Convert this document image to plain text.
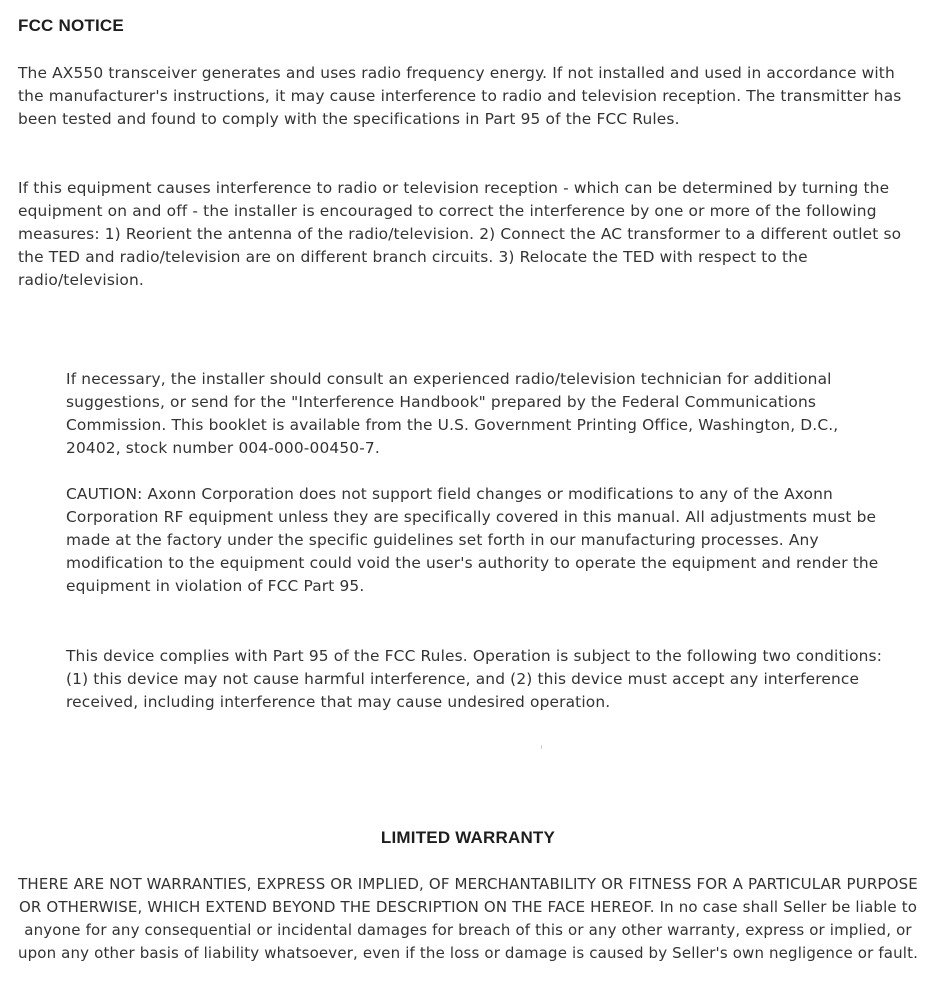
FCC NOTICE

The AX550 transceiver generates and uses radio frequency energy. If not installed and used in accordance with the manufacturer's instructions, it may cause interference to radio and television reception. The transmitter has been tested and found to comply with the specifications in Part 95 of the FCC Rules.

If this equipment causes interference to radio or television reception - which can be determined by turning the equipment on and off - the installer is encouraged to correct the interference by one or more of the following measures: 1) Reorient the antenna of the radio/television. 2) Connect the AC transformer to a different outlet so the TED and radio/television are on different branch circuits. 3) Relocate the TED with respect to the radio/television.

If necessary, the installer should consult an experienced radio/television technician for additional suggestions, or send for the "Interference Handbook" prepared by the Federal Communications Commission. This booklet is available from the U.S. Government Printing Office, Washington, D.C., 20402, stock number 004-000-00450-7.

CAUTION: Axonn Corporation does not support field changes or modifications to any of the Axonn Corporation RF equipment unless they are specifically covered in this manual. All adjustments must be made at the factory under the specific guidelines set forth in our manufacturing processes. Any modification to the equipment could void the user's authority to operate the equipment and render the equipment in violation of FCC Part 95.

This device complies with Part 95 of the FCC Rules. Operation is subject to the following two conditions: (1) this device may not cause harmful interference, and (2) this device must accept any interference received, including interference that may cause undesired operation.

LIMITED WARRANTY

THERE ARE NOT WARRANTIES, EXPRESS OR IMPLIED, OF MERCHANTABILITY OR FITNESS FOR A PARTICULAR PURPOSE OR OTHERWISE, WHICH EXTEND BEYOND THE DESCRIPTION ON THE FACE HEREOF. In no case shall Seller be liable to anyone for any consequential or incidental damages for breach of this or any other warranty, express or implied, or upon any other basis of liability whatsoever, even if the loss or damage is caused by Seller's own negligence or fault.
